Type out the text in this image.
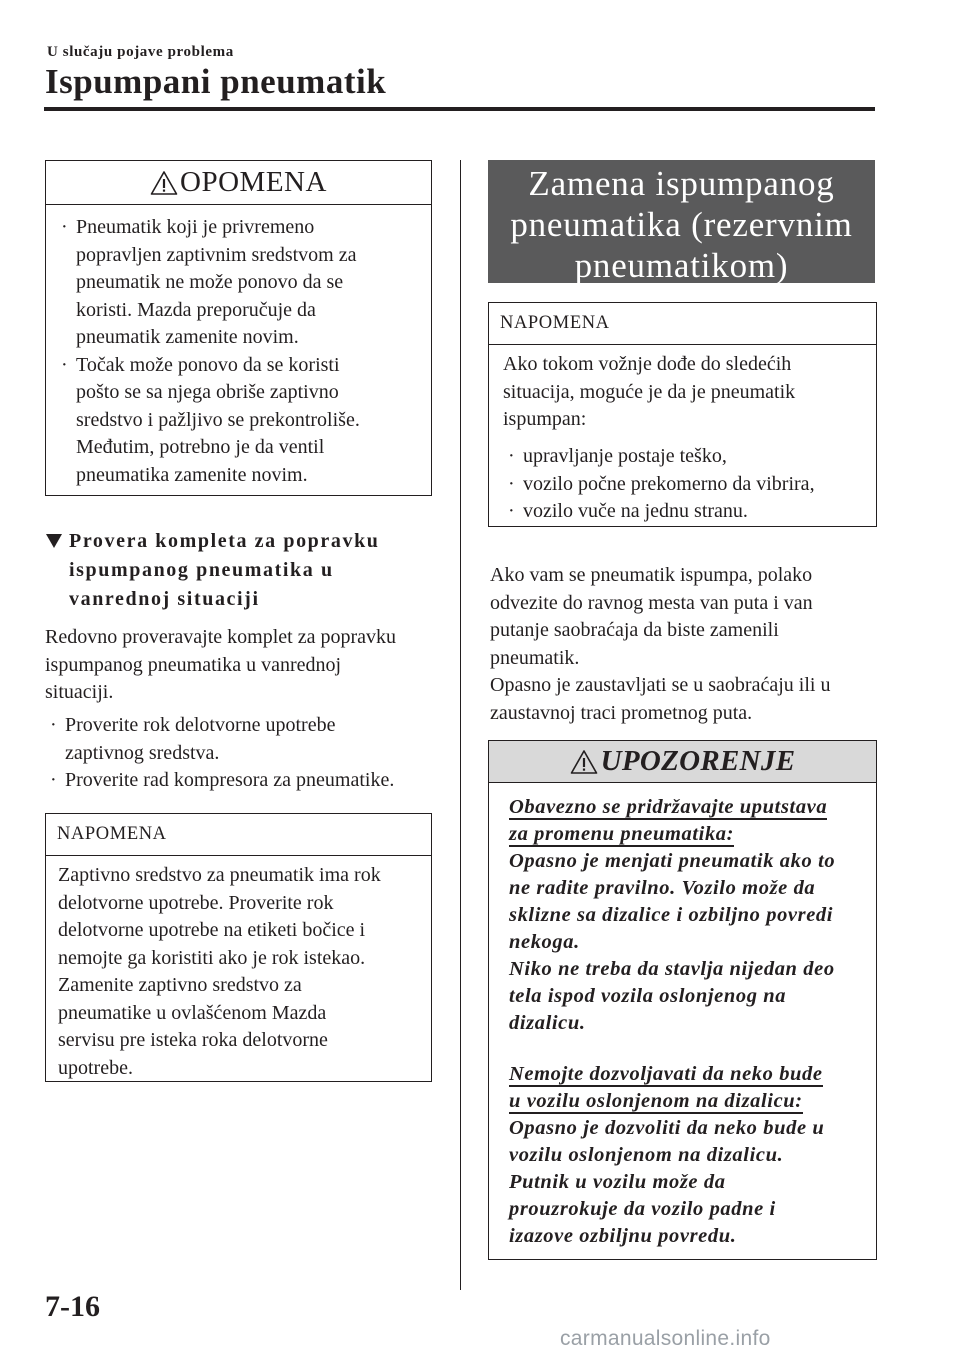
U slučaju pojave problema
Ispumpani pneumatik
OPOMENA
· Pneumatik koji je privremeno
popravljen zaptivnim sredstvom za
pneumatik ne može ponovo da se
koristi. Mazda preporučuje da
pneumatik zamenite novim.
· Točak može ponovo da se koristi
pošto se sa njega obriše zaptivno
sredstvo i pažljivo se prekontroliše.
Međutim, potrebno je da ventil
pneumatika zamenite novim.
Provera kompleta za popravku
ispumpanog pneumatika u
vanrednoj situaciji
Redovno proveravajte komplet za popravku
ispumpanog pneumatika u vanrednoj
situaciji.
· Proverite rok delotvorne upotrebe
zaptivnog sredstva.
· Proverite rad kompresora za pneumatike.
NAPOMENA
Zaptivno sredstvo za pneumatik ima rok
delotvorne upotrebe. Proverite rok
delotvorne upotrebe na etiketi bočice i
nemojte ga koristiti ako je rok istekao.
Zamenite zaptivno sredstvo za
pneumatike u ovlašćenom Mazda
servisu pre isteka roka delotvorne
upotrebe.
Zamena ispumpanog
pneumatika (rezervnim
pneumatikom)
NAPOMENA
Ako tokom vožnje dođe do sledećih
situacija, moguće je da je pneumatik
ispumpan:
· upravljanje postaje teško,
· vozilo počne prekomerno da vibrira,
· vozilo vuče na jednu stranu.
Ako vam se pneumatik ispumpa, polako
odvezite do ravnog mesta van puta i van
putanje saobraćaja da biste zamenili
pneumatik.
Opasno je zaustavljati se u saobraćaju ili u
zaustavnoj traci prometnog puta.
UPOZORENJE
Obavezno se pridržavajte uputstava
za promenu pneumatika:
Opasno je menjati pneumatik ako to
ne radite pravilno. Vozilo može da
sklizne sa dizalice i ozbiljno povredi
nekoga.
Niko ne treba da stavlja nijedan deo
tela ispod vozila oslonjenog na
dizalicu.
Nemojte dozvoljavati da neko bude
u vozilu oslonjenom na dizalicu:
Opasno je dozvoliti da neko bude u
vozilu oslonjenom na dizalicu.
Putnik u vozilu može da
prouzrokuje da vozilo padne i
izazove ozbiljnu povredu.
7-16
carmanualsonline.info
